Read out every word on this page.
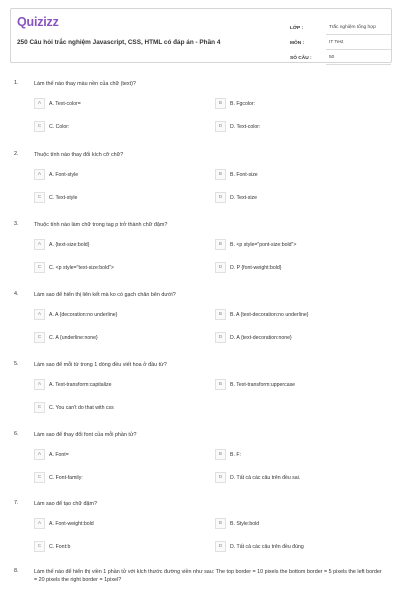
Quizizz
250 Câu hỏi trắc nghiệm Javascript, CSS, HTML có đáp án - Phần 4
LỚP :	Trắc nghiệm tổng hợp
MÔN :	IT Test
SỐ CÂU :	50
1.	Làm thế nào thay màu nền của chữ (text)?
A	A. Text-color=	B	B. Fgcolor:
C	C. Color:	D	D. Text-color:
2.	Thuộc tính nào thay đổi kích cỡ chữ?
A	A. Font-style	B	B. Font-size
C	C. Text-style	D	D. Text-size
3.	Thuộc tính nào làm chữ trong tag p trở thành chữ đậm?
A	A. {text-size:bold}	B	B. <p style="pont-size:bold">
C	C. <p style="text-size:bold">	D	D. P {font-weight:bold}
4.	Làm sao để hiển thị liên kết mà ko có gạch chân bên dưới?
A	A. A {decoration:no underline}	B	B. A {text-decoration:no underline}
C	C. A {underline:none}	D	D. A {text-decoration:none}
5.	Làm sao để mỗi từ trong 1 dòng đều viết hoa ở đầu từ?
A	A. Text-transform:capitalize	B	B. Text-transform:uppercase
C	C. You can't do that with css
6.	Làm sao để thay đổi font của mỗi phần tử?
A	A. Font=	B	B. F:
C	C. Font-family:	D	D. Tất cả các câu trên đều sai.
7.	Làm sao để tạo chữ đậm?
A	A. Font-weight:bold	B	B. Style:bold
C	C. Font:b	D	D. Tất cả các câu trên đều đúng
8.	Làm thế nào để hiển thị viền 1 phần tử với kích thước đường viền như sau: The top border = 10 pixels the bottom border = 5 pixels the left border = 20 pixels the right border = 1pixel?
